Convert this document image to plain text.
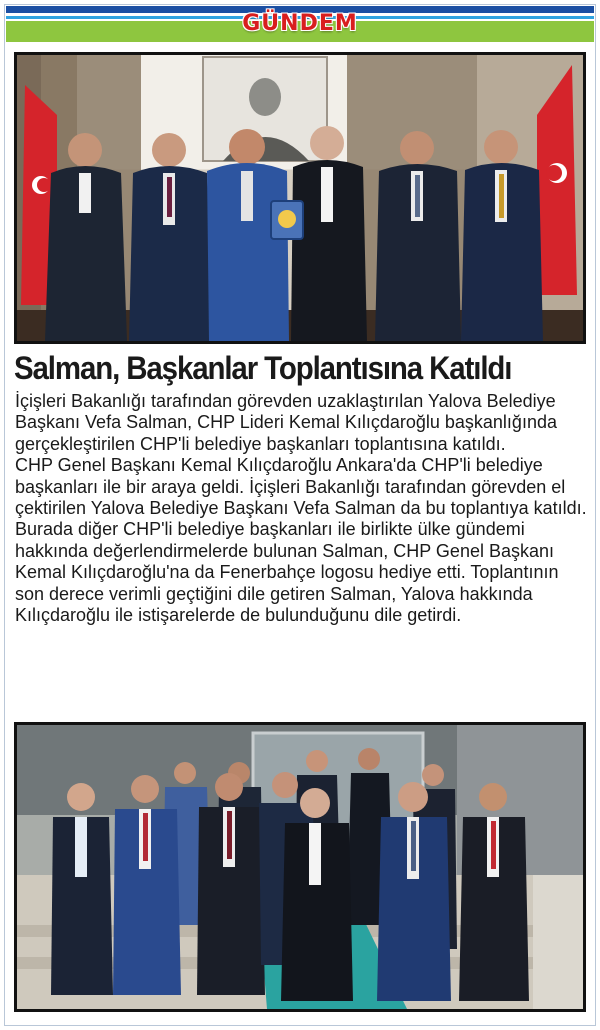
GÜNDEM
Salman, Başkanlar Toplantısına Katıldı

İçişleri Bakanlığı tarafından görevden uzaklaştırılan Yalova Belediye Başkanı Vefa Salman, CHP Lideri Kemal Kılıçdaroğlu başkanlığında gerçekleştirilen CHP'li belediye başkanları toplantısına katıldı.

CHP Genel Başkanı Kemal Kılıçdaroğlu Ankara'da CHP'li belediye başkanları ile bir araya geldi. İçişleri Bakanlığı tarafından görevden el çektirilen Yalova Belediye Başkanı Vefa Salman da bu toplantıya katıldı. Burada diğer CHP'li belediye başkanları ile birlikte ülke gündemi hakkında değerlendirmelerde bulunan Salman, CHP Genel Başkanı Kemal Kılıçdaroğlu'na da Fenerbahçe logosu hediye etti. Toplantının son derece verimli geçtiğini dile getiren Salman, Yalova hakkında Kılıçdaroğlu ile istişarelerde de bulunduğunu dile getirdi.
